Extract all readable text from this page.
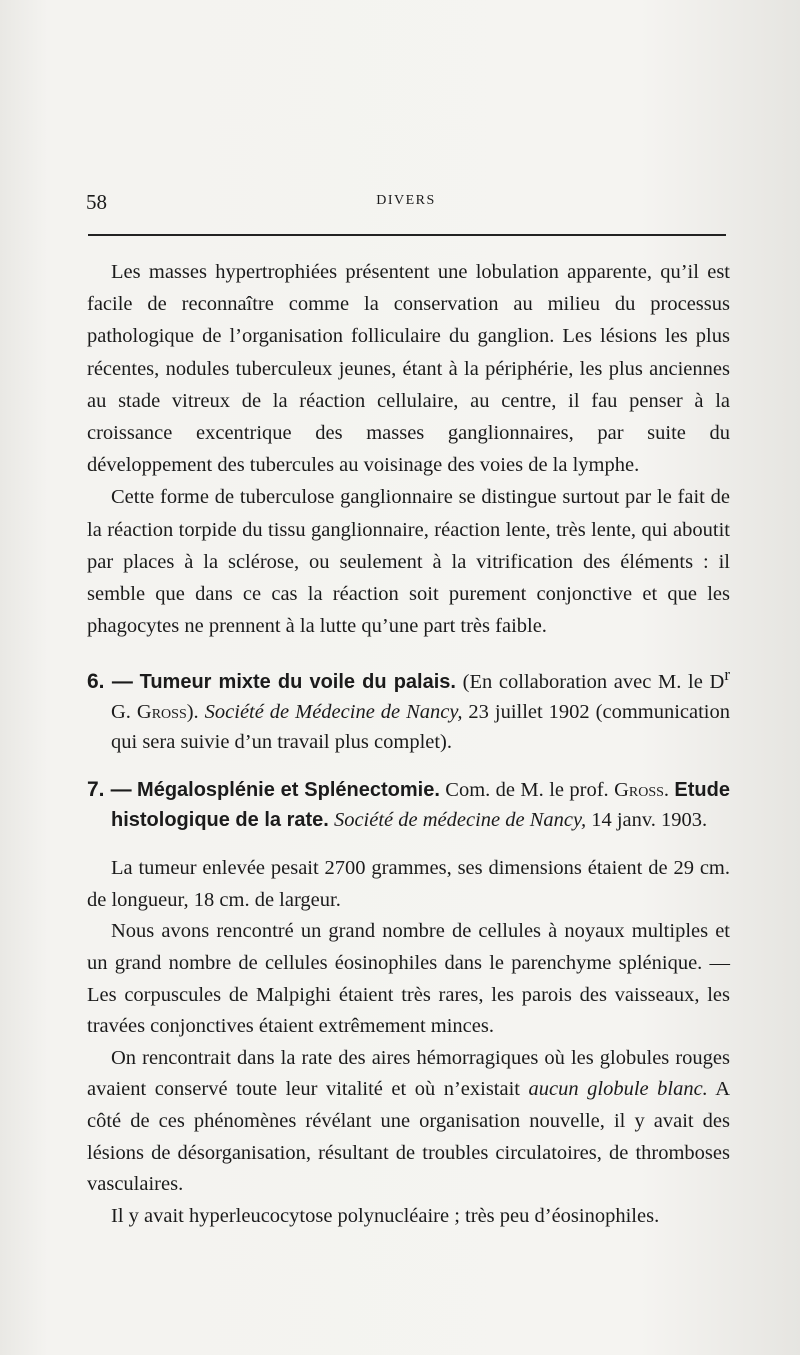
58	DIVERS

Les masses hypertrophiées présentent une lobulation apparente, qu’il est facile de reconnaître comme la conservation au milieu du processus pathologique de l’organisation folliculaire du ganglion. Les lésions les plus récentes, nodules tuberculeux jeunes, étant à la périphérie, les plus anciennes au stade vitreux de la réaction cellulaire, au centre, il fau penser à la croissance excentrique des masses ganglionnaires, par suite du développement des tubercules au voisinage des voies de la lymphe.

Cette forme de tuberculose ganglionnaire se distingue surtout par le fait de la réaction torpide du tissu ganglionnaire, réaction lente, très lente, qui aboutit par places à la sclérose, ou seulement à la vitrification des éléments : il semble que dans ce cas la réaction soit purement conjonctive et que les phagocytes ne prennent à la lutte qu’une part très faible.

6. — Tumeur mixte du voile du palais. (En collaboration avec M. le $D^r$ G. Gross). Société de Médecine de Nancy, 23 juillet 1902 (communication qui sera suivie d’un travail plus complet).
7. — Mégalosplénie et Splénectomie. Com. de M. le prof. Gross. Etude histologique de la rate. Société de médecine de Nancy, 14 janv. 1903.

La tumeur enlevée pesait 2700 grammes, ses dimensions étaient de 29 cm. de longueur, 18 cm. de largeur.

Nous avons rencontré un grand nombre de cellules à noyaux multiples et un grand nombre de cellules éosinophiles dans le parenchyme splénique. — Les corpuscules de Malpighi étaient très rares, les parois des vaisseaux, les travées conjonctives étaient extrêmement minces.

On rencontrait dans la rate des aires hémorragiques où les globules rouges avaient conservé toute leur vitalité et où n’existait aucun globule blanc. A côté de ces phénomènes révélant une organisation nouvelle, il y avait des lésions de désorganisation, résultant de troubles circulatoires, de thromboses vasculaires.

Il y avait hyperleucocytose polynucléaire ; très peu d’éosinophiles.
